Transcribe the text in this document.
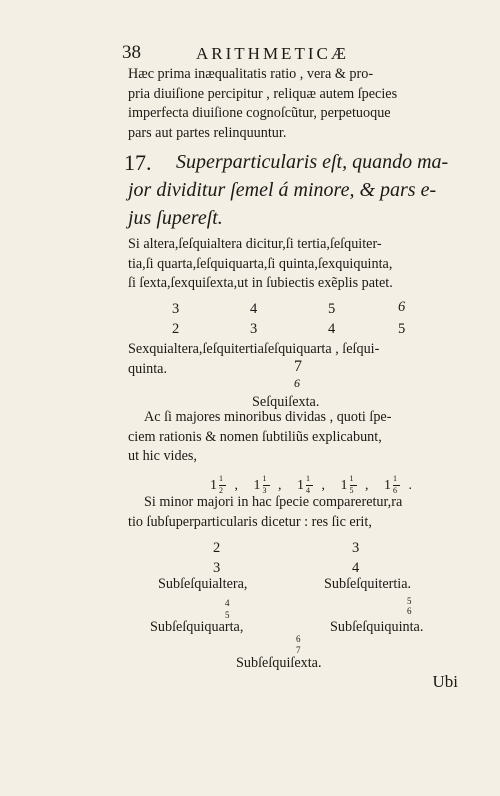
38	ARITHMETICÆ
Hæc prima inæqualitatis ratio , vera & pro-
pria diuiſione percipitur , reliquæ autem ſpecies
imperfecta diuiſione cognoſcũtur, perpetuoque
pars aut partes relinquuntur.
17.	Superparticularis eſt, quando ma-
jor dividitur ſemel á minore, & pars e-
jus ſupereſt.
Si altera,ſeſquialtera dicitur,ſi tertia,ſeſquiter-
tia,ſi quarta,ſeſquiquarta,ſi quinta,ſexquiquinta,
ſi ſexta,ſexquiſexta,ut in ſubiectis exẽplis patet.
3	4	5	6
2	3	4	5
Sexquialtera,ſeſquitertiaſeſquiquarta , ſeſqui-
quinta.	7
6
Seſquiſexta.
Ac ſi majores minoribus dividas , quoti ſpe-
ciem rationis & nomen ſubtiliũs explicabunt,
ut hic vides,
1 1
2 , 1 1
3 , 1 1
4 , 1 1
5 , 1 1
6 .
Si minor majori in hac ſpecie compareretur,ra
tio ſubſuperparticularis dicetur : res ſic erit,
2	3
3	4
Subſeſquialtera,	Subſeſquitertia.
4	5
5	6
Subſeſquiquarta,	Subſeſquiquinta.
6
7
Subſeſquiſexta.
Ubi
